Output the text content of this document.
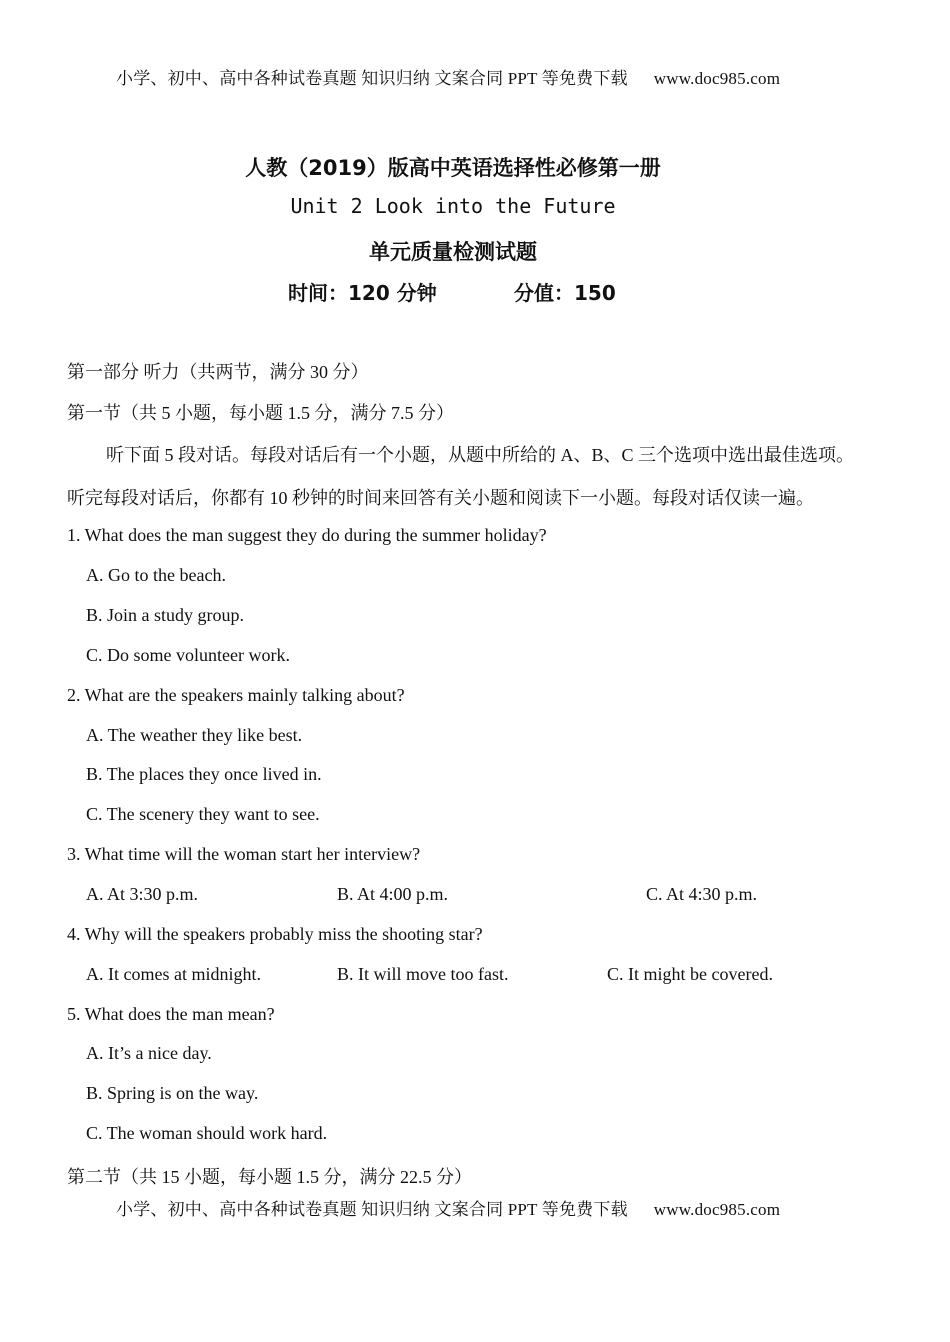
小学、初中、高中各种试卷真题 知识归纳 文案合同 PPT 等免费下载 www.doc985.com
人教（2019）版高中英语选择性必修第一册
Unit 2 Look into the Future
单元质量检测试题
时间：120 分钟	分值：150
第一部分 听力（共两节，满分 30 分）
第一节（共 5 小题，每小题 1.5 分，满分 7.5 分）
听下面 5 段对话。每段对话后有一个小题，从题中所给的 A、B、C 三个选项中选出最佳选项。
听完每段对话后，你都有 10 秒钟的时间来回答有关小题和阅读下一小题。每段对话仅读一遍。
1. What does the man suggest they do during the summer holiday?
A. Go to the beach.
B. Join a study group.
C. Do some volunteer work.
2. What are the speakers mainly talking about?
A. The weather they like best.
B. The places they once lived in.
C. The scenery they want to see.
3. What time will the woman start her interview?
A. At 3:30 p.m.	B. At 4:00 p.m.	C. At 4:30 p.m.
4. Why will the speakers probably miss the shooting star?
A. It comes at midnight.	B. It will move too fast.	C. It might be covered.
5. What does the man mean?
A. It’s a nice day.
B. Spring is on the way.
C. The woman should work hard.
第二节（共 15 小题，每小题 1.5 分，满分 22.5 分）
小学、初中、高中各种试卷真题 知识归纳 文案合同 PPT 等免费下载 www.doc985.com
